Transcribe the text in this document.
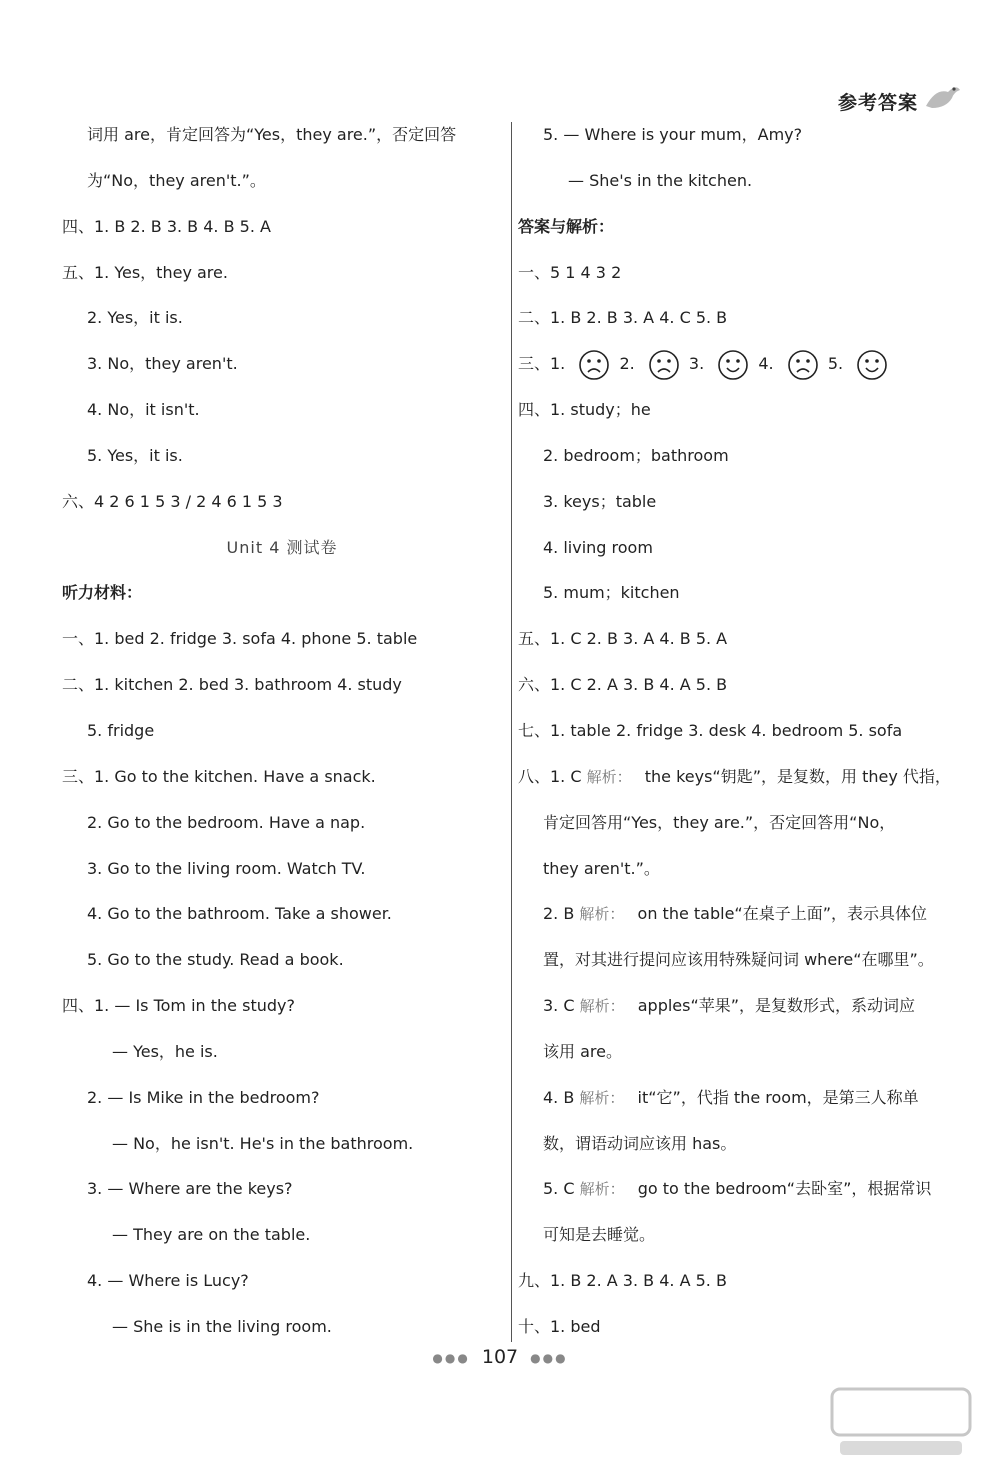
参考答案
词用 are，肯定回答为“Yes，they are.”，否定回答
为“No，they aren't.”。
四、1. B 2. B 3. B 4. B 5. A
五、1. Yes，they are.
2. Yes，it is.
3. No，they aren't.
4. No，it isn't.
5. Yes，it is.
六、4 2 6 1 5 3 / 2 4 6 1 5 3
Unit 4 测试卷
听力材料：
一、1. bed 2. fridge 3. sofa 4. phone 5. table
二、1. kitchen 2. bed 3. bathroom 4. study
5. fridge
三、1. Go to the kitchen. Have a snack.
2. Go to the bedroom. Have a nap.
3. Go to the living room. Watch TV.
4. Go to the bathroom. Take a shower.
5. Go to the study. Read a book.
四、1. — Is Tom in the study?
— Yes，he is.
2. — Is Mike in the bedroom?
— No，he isn't. He's in the bathroom.
3. — Where are the keys?
— They are on the table.
4. — Where is Lucy?
— She is in the living room.
5. — Where is your mum，Amy?
— She's in the kitchen.
答案与解析：
一、5 1 4 3 2
二、1. B 2. B 3. A 4. C 5. B
三、1.	2.	3.	4.	5.
四、1. study；he
2. bedroom；bathroom
3. keys；table
4. living room
5. mum；kitchen
五、1. C 2. B 3. A 4. B 5. A
六、1. C 2. A 3. B 4. A 5. B
七、1. table 2. fridge 3. desk 4. bedroom 5. sofa
八、1. C 解析： the keys“钥匙”，是复数，用 they 代指，
肯定回答用“Yes，they are.”，否定回答用“No，
they aren't.”。
2. B 解析： on the table“在桌子上面”，表示具体位
置，对其进行提问应该用特殊疑问词 where“在哪里”。
3. C 解析： apples“苹果”，是复数形式，系动词应
该用 are。
4. B 解析： it“它”，代指 the room，是第三人称单
数，谓语动词应该用 has。
5. C 解析： go to the bedroom“去卧室”，根据常识
可知是去睡觉。
九、1. B 2. A 3. B 4. A 5. B
十、1. bed
●●● 107 ●●●
